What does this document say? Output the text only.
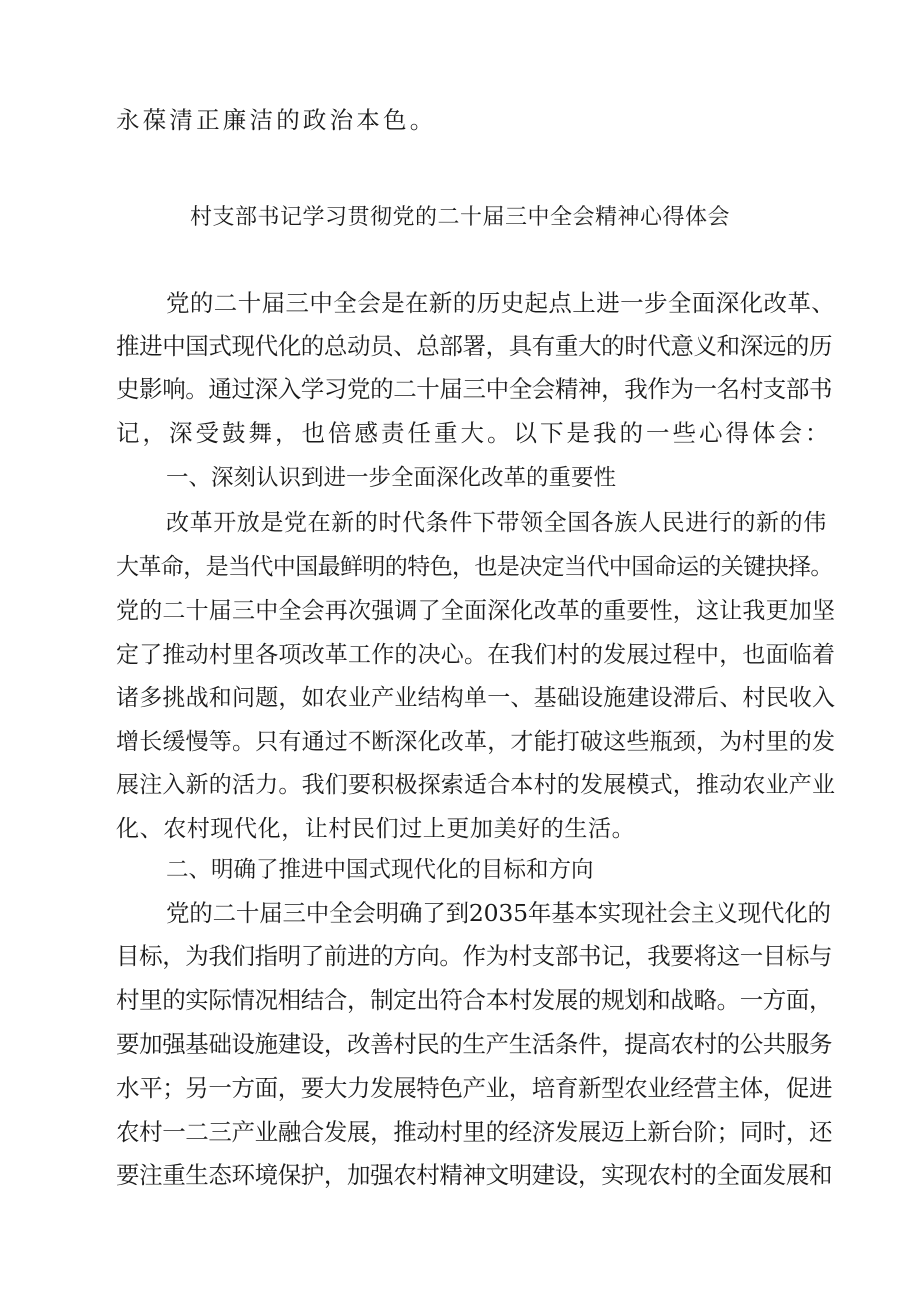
永葆清正廉洁的政治本色。
村支部书记学习贯彻党的二十届三中全会精神心得体会
党的二十届三中全会是在新的历史起点上进一步全面深化改革、
推进中国式现代化的总动员、总部署，具有重大的时代意义和深远的历
史影响。通过深入学习党的二十届三中全会精神，我作为一名村支部书
记，深受鼓舞，也倍感责任重大。以下是我的一些心得体会：
一、深刻认识到进一步全面深化改革的重要性
改革开放是党在新的时代条件下带领全国各族人民进行的新的伟
大革命，是当代中国最鲜明的特色，也是决定当代中国命运的关键抉择。
党的二十届三中全会再次强调了全面深化改革的重要性，这让我更加坚
定了推动村里各项改革工作的决心。在我们村的发展过程中，也面临着
诸多挑战和问题，如农业产业结构单一、基础设施建设滞后、村民收入
增长缓慢等。只有通过不断深化改革，才能打破这些瓶颈，为村里的发
展注入新的活力。我们要积极探索适合本村的发展模式，推动农业产业
化、农村现代化，让村民们过上更加美好的生活。
二、明确了推进中国式现代化的目标和方向
党的二十届三中全会明确了到2035年基本实现社会主义现代化的
目标，为我们指明了前进的方向。作为村支部书记，我要将这一目标与
村里的实际情况相结合，制定出符合本村发展的规划和战略。一方面，
要加强基础设施建设，改善村民的生产生活条件，提高农村的公共服务
水平；另一方面，要大力发展特色产业，培育新型农业经营主体，促进
农村一二三产业融合发展，推动村里的经济发展迈上新台阶；同时，还
要注重生态环境保护，加强农村精神文明建设，实现农村的全面发展和
